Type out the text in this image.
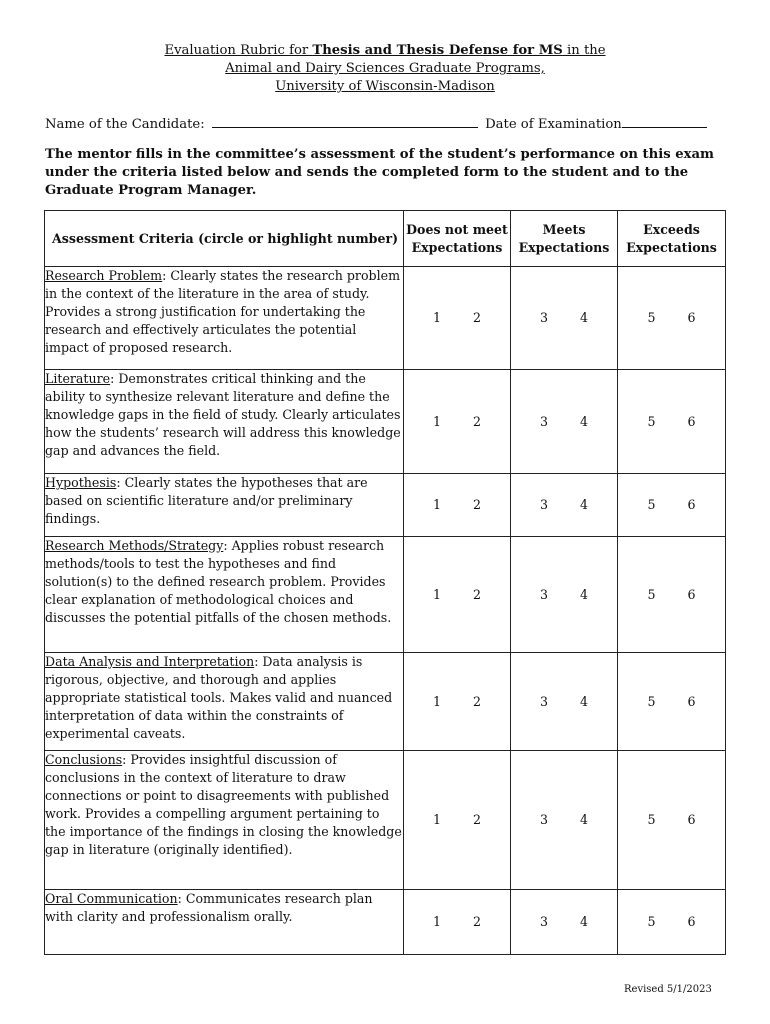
Evaluation Rubric for Thesis and Thesis Defense for MS in the
Animal and Dairy Sciences Graduate Programs,
University of Wisconsin-Madison
Name of the Candidate:	Date of Examination
The mentor fills in the committee’s assessment of the student’s performance on this exam under the criteria listed below and sends the completed form to the student and to the Graduate Program Manager.
Assessment Criteria (circle or highlight number)	Does not meet Expectations	Meets Expectations	Exceeds Expectations
Research Problem: Clearly states the research problem in the context of the literature in the area of study. Provides a strong justification for undertaking the research and effectively articulates the potential impact of proposed research.	1 2	3 4	5 6
Literature: Demonstrates critical thinking and the ability to synthesize relevant literature and define the knowledge gaps in the field of study. Clearly articulates how the students’ research will address this knowledge gap and advances the field.	1 2	3 4	5 6
Hypothesis: Clearly states the hypotheses that are based on scientific literature and/or preliminary findings.	1 2	3 4	5 6
Research Methods/Strategy: Applies robust research methods/tools to test the hypotheses and find solution(s) to the defined research problem. Provides clear explanation of methodological choices and discusses the potential pitfalls of the chosen methods.	1 2	3 4	5 6
Data Analysis and Interpretation: Data analysis is rigorous, objective, and thorough and applies appropriate statistical tools. Makes valid and nuanced interpretation of data within the constraints of experimental caveats.	1 2	3 4	5 6
Conclusions: Provides insightful discussion of conclusions in the context of literature to draw connections or point to disagreements with published work. Provides a compelling argument pertaining to the importance of the findings in closing the knowledge gap in literature (originally identified).	1 2	3 4	5 6
Oral Communication: Communicates research plan with clarity and professionalism orally.	1 2	3 4	5 6
Revised 5/1/2023
